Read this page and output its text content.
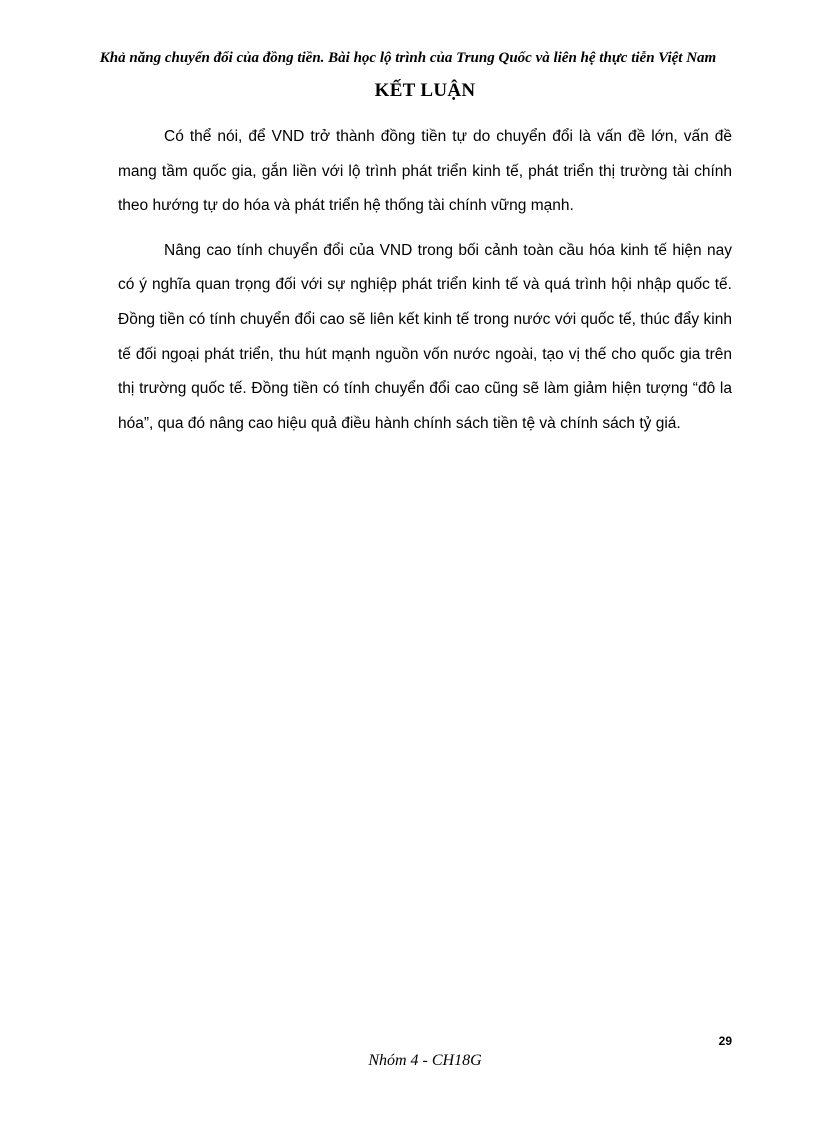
Khả năng chuyển đổi của đồng tiền. Bài học lộ trình của Trung Quốc và liên hệ thực tiễn Việt Nam
KẾT LUẬN

Có thể nói, để VND trở thành đồng tiền tự do chuyển đổi là vấn đề lớn, vấn đề mang tầm quốc gia, gắn liền với lộ trình phát triển kinh tế, phát triển thị trường tài chính theo hướng tự do hóa và phát triển hệ thống tài chính vững mạnh.

Nâng cao tính chuyển đổi của VND trong bối cảnh toàn cầu hóa kinh tế hiện nay có ý nghĩa quan trọng đối với sự nghiệp phát triển kinh tế và quá trình hội nhập quốc tế. Đồng tiền có tính chuyển đổi cao sẽ liên kết kinh tế trong nước với quốc tế, thúc đẩy kinh tế đối ngoại phát triển, thu hút mạnh nguồn vốn nước ngoài, tạo vị thế cho quốc gia trên thị trường quốc tế. Đồng tiền có tính chuyển đổi cao cũng sẽ làm giảm hiện tượng “đô la hóa”, qua đó nâng cao hiệu quả điều hành chính sách tiền tệ và chính sách tỷ giá.

29
Nhóm 4 - CH18G
